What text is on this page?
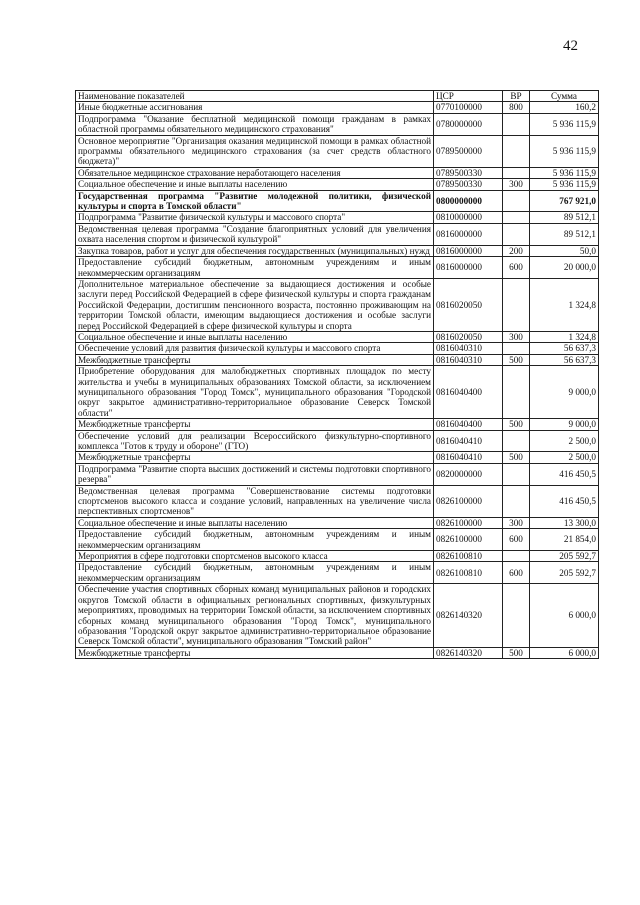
42
Наименование показателей	ЦСР	ВР	Сумма
Иные бюджетные ассигнования	0770100000	800	160,2
Подпрограмма "Оказание бесплатной медицинской помощи гражданам в рамках областной программы обязательного медицинского страхования"	0780000000		5 936 115,9
Основное мероприятие "Организация оказания медицинской помощи в рамках областной программы обязательного медицинского страхования (за счет средств областного бюджета)"	0789500000		5 936 115,9
Обязательное медицинское страхование неработающего населения	0789500330		5 936 115,9
Социальное обеспечение и иные выплаты населению	0789500330	300	5 936 115,9
Государственная программа "Развитие молодежной политики, физической культуры и спорта в Томской области"	0800000000		767 921,0
Подпрограмма "Развитие физической культуры и массового спорта"	0810000000		89 512,1
Ведомственная целевая программа "Создание благоприятных условий для увеличения охвата населения спортом и физической культурой"	0816000000		89 512,1
Закупка товаров, работ и услуг для обеспечения государственных (муниципальных) нужд	0816000000	200	50,0
Предоставление субсидий бюджетным, автономным учреждениям и иным некоммерческим организациям	0816000000	600	20 000,0
Дополнительное материальное обеспечение за выдающиеся достижения и особые заслуги перед Российской Федерацией в сфере физической культуры и спорта гражданам Российской Федерации, достигшим пенсионного возраста, постоянно проживающим на территории Томской области, имеющим выдающиеся достижения и особые заслуги перед Российской Федерацией в сфере физической культуры и спорта	0816020050		1 324,8
Социальное обеспечение и иные выплаты населению	0816020050	300	1 324,8
Обеспечение условий для развития физической культуры и массового спорта	0816040310		56 637,3
Межбюджетные трансферты	0816040310	500	56 637,3
Приобретение оборудования для малобюджетных спортивных площадок по месту жительства и учебы в муниципальных образованиях Томской области, за исключением муниципального образования "Город Томск", муниципального образования "Городской округ закрытое административно-территориальное образование Северск Томской области"	0816040400		9 000,0
Межбюджетные трансферты	0816040400	500	9 000,0
Обеспечение условий для реализации Всероссийского физкультурно-спортивного комплекса "Готов к труду и обороне" (ГТО)	0816040410		2 500,0
Межбюджетные трансферты	0816040410	500	2 500,0
Подпрограмма "Развитие спорта высших достижений и системы подготовки спортивного резерва"	0820000000		416 450,5
Ведомственная целевая программа "Совершенствование системы подготовки спортсменов высокого класса и создание условий, направленных на увеличение числа перспективных спортсменов"	0826100000		416 450,5
Социальное обеспечение и иные выплаты населению	0826100000	300	13 300,0
Предоставление субсидий бюджетным, автономным учреждениям и иным некоммерческим организациям	0826100000	600	21 854,0
Мероприятия в сфере подготовки спортсменов высокого класса	0826100810		205 592,7
Предоставление субсидий бюджетным, автономным учреждениям и иным некоммерческим организациям	0826100810	600	205 592,7
Обеспечение участия спортивных сборных команд муниципальных районов и городских округов Томской области в официальных региональных спортивных, физкультурных мероприятиях, проводимых на территории Томской области, за исключением спортивных сборных команд муниципального образования "Город Томск", муниципального образования "Городской округ закрытое административно-территориальное образование Северск Томской области", муниципального образования "Томский район"	0826140320		6 000,0
Межбюджетные трансферты	0826140320	500	6 000,0
